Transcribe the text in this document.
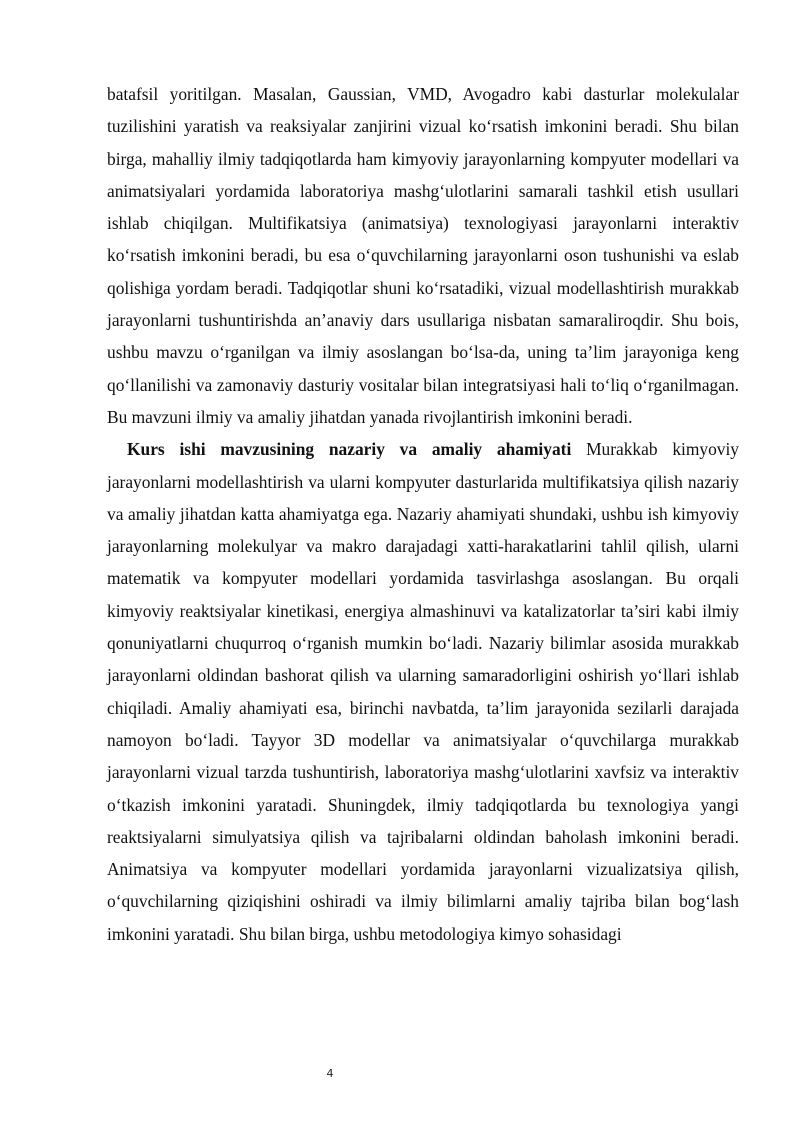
batafsil yoritilgan. Masalan, Gaussian, VMD, Avogadro kabi dasturlar molekulalar tuzilishini yaratish va reaksiyalar zanjirini vizual ko‘rsatish imkonini beradi. Shu bilan birga, mahalliy ilmiy tadqiqotlarda ham kimyoviy jarayonlarning kompyuter modellari va animatsiyalari yordamida laboratoriya mashg‘ulotlarini samarali tashkil etish usullari ishlab chiqilgan. Multifikatsiya (animatsiya) texnologiyasi jarayonlarni interaktiv ko‘rsatish imkonini beradi, bu esa o‘quvchilarning jarayonlarni oson tushunishi va eslab qolishiga yordam beradi. Tadqiqotlar shuni ko‘rsatadiki, vizual modellashtirish murakkab jarayonlarni tushuntirishda an’anaviy dars usullariga nisbatan samaraliroqdir. Shu bois, ushbu mavzu o‘rganilgan va ilmiy asoslangan bo‘lsa-da, uning ta’lim jarayoniga keng qo‘llanilishi va zamonaviy dasturiy vositalar bilan integratsiyasi hali to‘liq o‘rganilmagan. Bu mavzuni ilmiy va amaliy jihatdan yanada rivojlantirish imkonini beradi.

Kurs ishi mavzusining nazariy va amaliy ahamiyati Murakkab kimyoviy jarayonlarni modellashtirish va ularni kompyuter dasturlarida multifikatsiya qilish nazariy va amaliy jihatdan katta ahamiyatga ega. Nazariy ahamiyati shundaki, ushbu ish kimyoviy jarayonlarning molekulyar va makro darajadagi xatti-harakatlarini tahlil qilish, ularni matematik va kompyuter modellari yordamida tasvirlashga asoslangan. Bu orqali kimyoviy reaktsiyalar kinetikasi, energiya almashinuvi va katalizatorlar ta’siri kabi ilmiy qonuniyatlarni chuqurroq o‘rganish mumkin bo‘ladi. Nazariy bilimlar asosida murakkab jarayonlarni oldindan bashorat qilish va ularning samaradorligini oshirish yo‘llari ishlab chiqiladi. Amaliy ahamiyati esa, birinchi navbatda, ta’lim jarayonida sezilarli darajada namoyon bo‘ladi. Tayyor 3D modellar va animatsiyalar o‘quvchilarga murakkab jarayonlarni vizual tarzda tushuntirish, laboratoriya mashg‘ulotlarini xavfsiz va interaktiv o‘tkazish imkonini yaratadi. Shuningdek, ilmiy tadqiqotlarda bu texnologiya yangi reaktsiyalarni simulyatsiya qilish va tajribalarni oldindan baholash imkonini beradi. Animatsiya va kompyuter modellari yordamida jarayonlarni vizualizatsiya qilish, o‘quvchilarning qiziqishini oshiradi va ilmiy bilimlarni amaliy tajriba bilan bog‘lash imkonini yaratadi. Shu bilan birga, ushbu metodologiya kimyo sohasidagi

4
